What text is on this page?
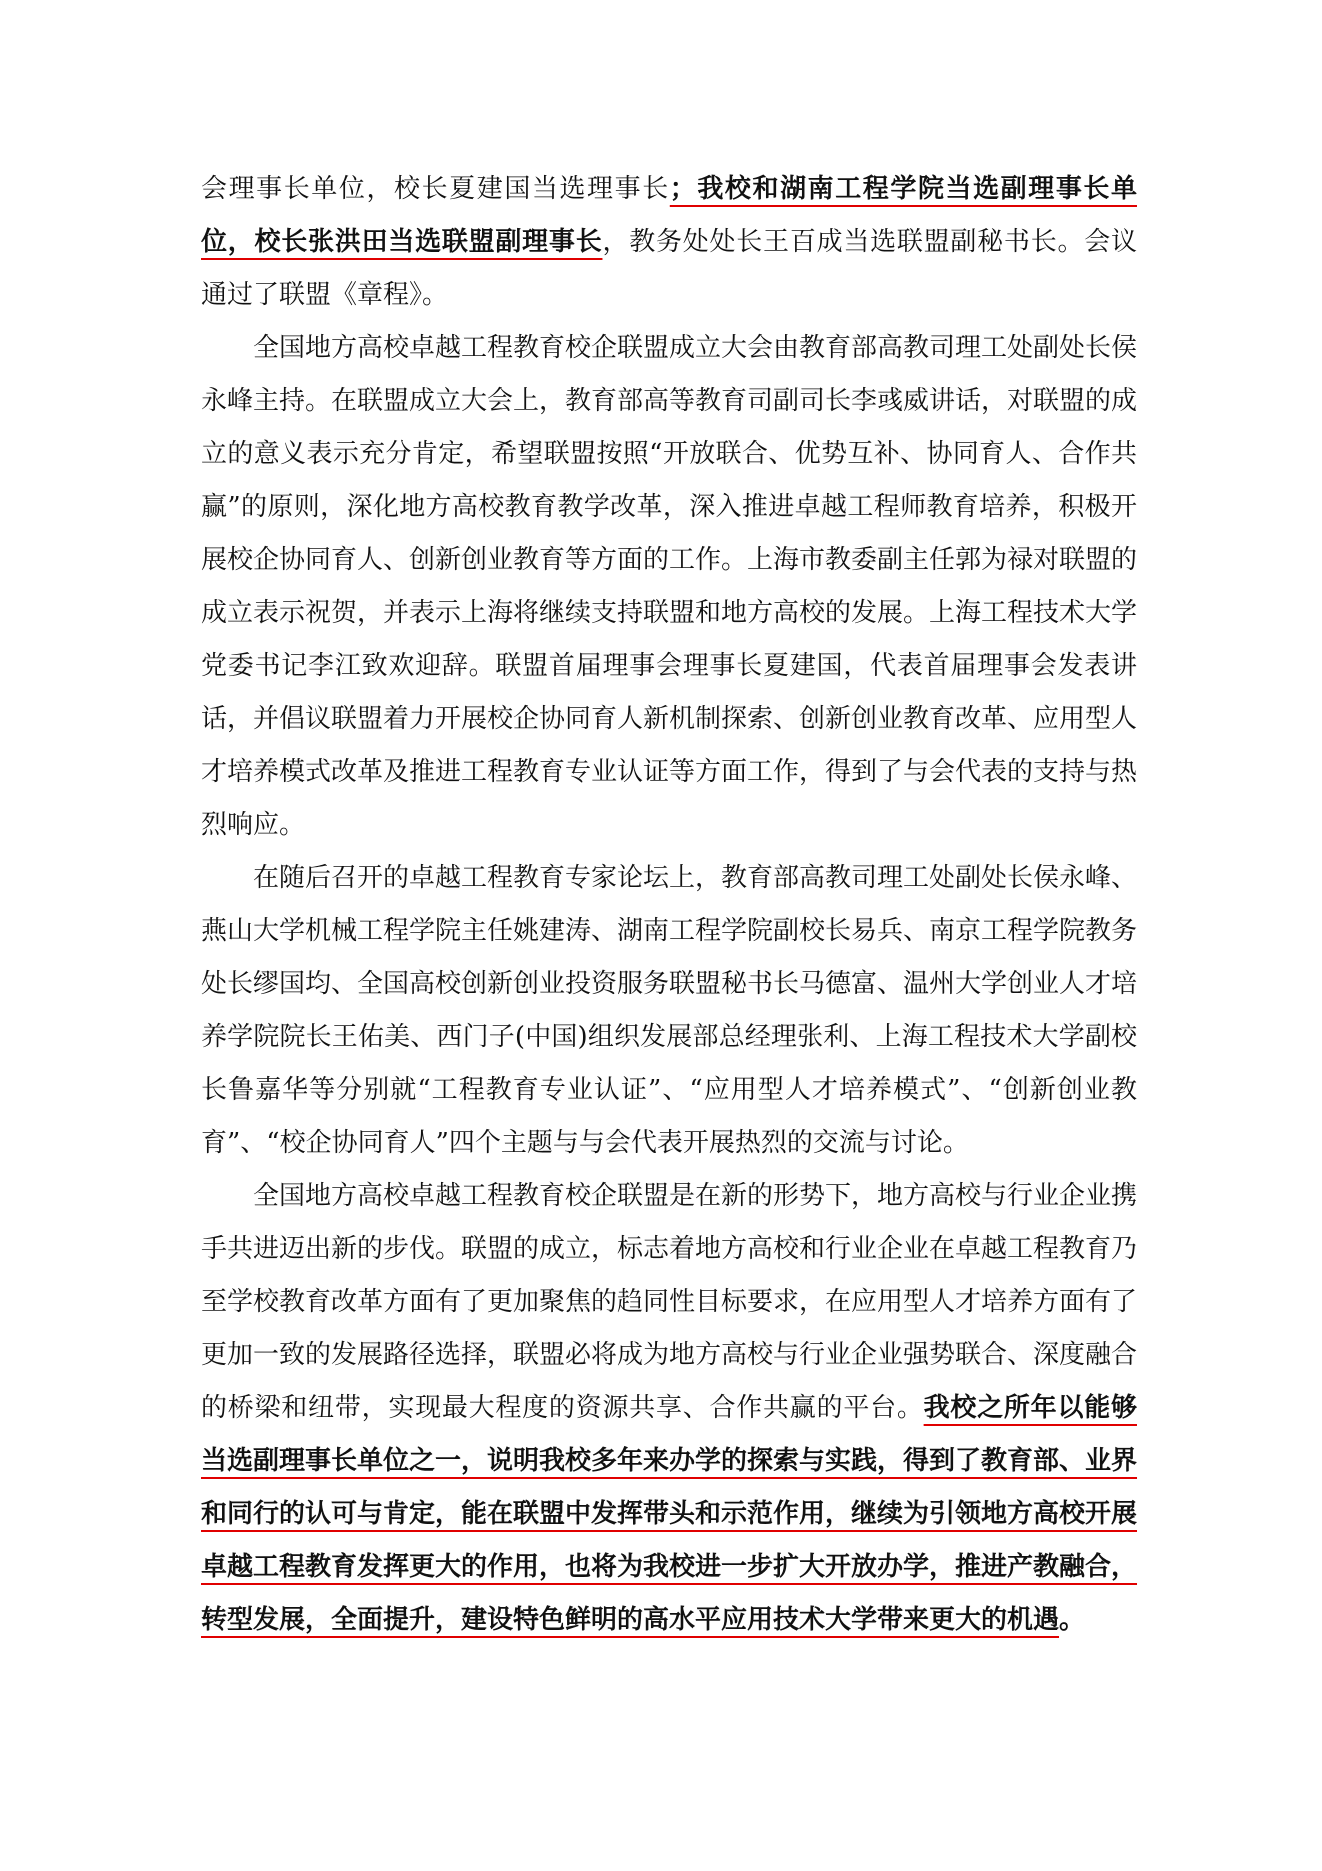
会理事长单位，校长夏建国当选理事长；我校和湖南工程学院当选副理事长单位，校长张洪田当选联盟副理事长，教务处处长王百成当选联盟副秘书长。会议通过了联盟《章程》。

全国地方高校卓越工程教育校企联盟成立大会由教育部高教司理工处副处长侯永峰主持。在联盟成立大会上，教育部高等教育司副司长李彧威讲话，对联盟的成立的意义表示充分肯定，希望联盟按照“开放联合、优势互补、协同育人、合作共赢”的原则，深化地方高校教育教学改革，深入推进卓越工程师教育培养，积极开展校企协同育人、创新创业教育等方面的工作。上海市教委副主任郭为禄对联盟的成立表示祝贺，并表示上海将继续支持联盟和地方高校的发展。上海工程技术大学党委书记李江致欢迎辞。联盟首届理事会理事长夏建国，代表首届理事会发表讲话，并倡议联盟着力开展校企协同育人新机制探索、创新创业教育改革、应用型人才培养模式改革及推进工程教育专业认证等方面工作，得到了与会代表的支持与热烈响应。

在随后召开的卓越工程教育专家论坛上，教育部高教司理工处副处长侯永峰、燕山大学机械工程学院主任姚建涛、湖南工程学院副校长易兵、南京工程学院教务处长缪国均、全国高校创新创业投资服务联盟秘书长马德富、温州大学创业人才培养学院院长王佑美、西门子(中国)组织发展部总经理张利、上海工程技术大学副校长鲁嘉华等分别就“工程教育专业认证”、“应用型人才培养模式”、“创新创业教育”、“校企协同育人”四个主题与与会代表开展热烈的交流与讨论。

全国地方高校卓越工程教育校企联盟是在新的形势下，地方高校与行业企业携手共进迈出新的步伐。联盟的成立，标志着地方高校和行业企业在卓越工程教育乃至学校教育改革方面有了更加聚焦的趋同性目标要求，在应用型人才培养方面有了更加一致的发展路径选择，联盟必将成为地方高校与行业企业强势联合、深度融合的桥梁和纽带，实现最大程度的资源共享、合作共赢的平台。我校之所年以能够当选副理事长单位之一，说明我校多年来办学的探索与实践，得到了教育部、业界和同行的认可与肯定，能在联盟中发挥带头和示范作用，继续为引领地方高校开展卓越工程教育发挥更大的作用，也将为我校进一步扩大开放办学，推进产教融合，转型发展，全面提升，建设特色鲜明的高水平应用技术大学带来更大的机遇。
